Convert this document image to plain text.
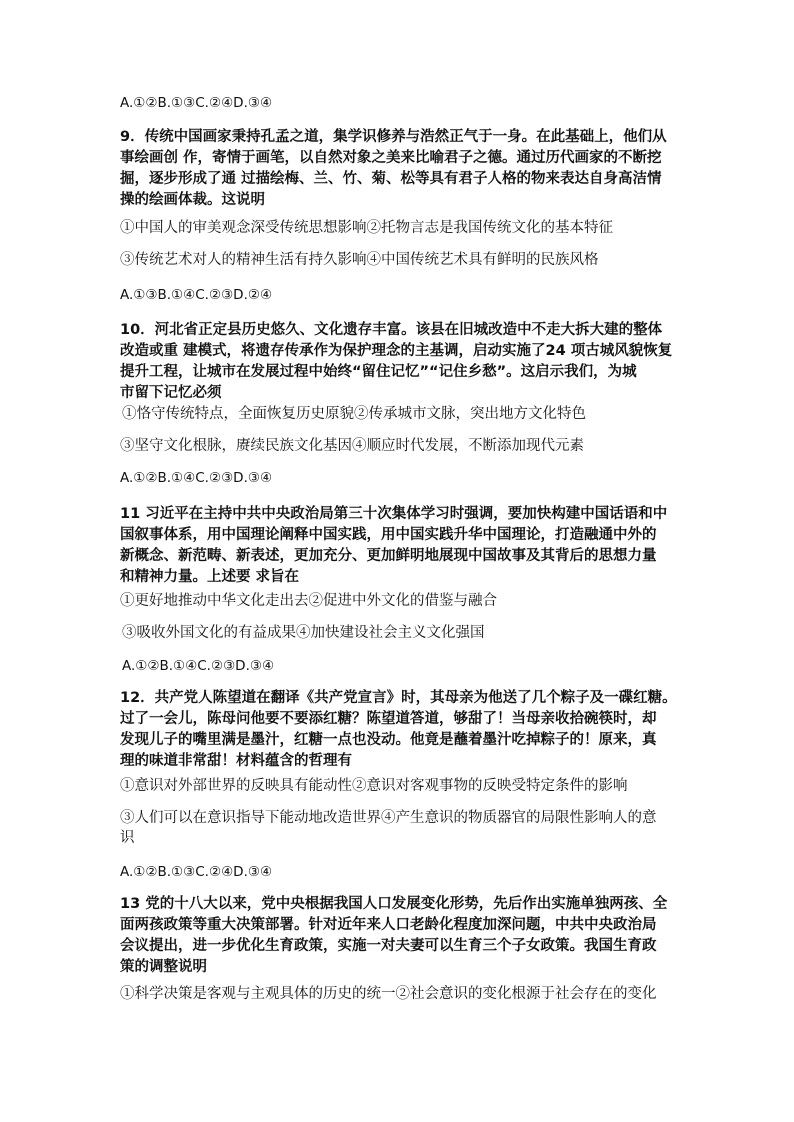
A.①②B.①③C.②④D.③④
9．传统中国画家秉持孔孟之道，集学识修养与浩然正气于一身。在此基础上，他们从
事绘画创 作，寄情于画笔，以自然对象之美来比喻君子之德。通过历代画家的不断挖
掘，逐步形成了通 过描绘梅、兰、竹、菊、松等具有君子人格的物来表达自身高洁情
操的绘画体裁。这说明
①中国人的审美观念深受传统思想影响②托物言志是我国传统文化的基本特征
③传统艺术对人的精神生活有持久影响④中国传统艺术具有鲜明的民族风格
A.①③B.①④C.②③D.②④
10．河北省正定县历史悠久、文化遗存丰富。该县在旧城改造中不走大拆大建的整体
改造或重 建模式，将遗存传承作为保护理念的主基调，启动实施了24 项古城风貌恢复
提升工程，让城市在发展过程中始终“留住记忆”“记住乡愁”。这启示我们，为城
市留下记忆必须
①恪守传统特点，全面恢复历史原貌②传承城市文脉，突出地方文化特色
③坚守文化根脉，赓续民族文化基因④顺应时代发展，不断添加现代元素
A.①②B.①④C.②③D.③④
11 习近平在主持中共中央政治局第三十次集体学习时强调，要加快构建中国话语和中
国叙事体系，用中国理论阐释中国实践，用中国实践升华中国理论，打造融通中外的
新概念、新范畴、新表述，更加充分、更加鲜明地展现中国故事及其背后的思想力量
和精神力量。上述要 求旨在
①更好地推动中华文化走出去②促进中外文化的借鉴与融合
③吸收外国文化的有益成果④加快建设社会主义文化强国
A.①②B.①④C.②③D.③④
12．共产党人陈望道在翻译《共产党宣言》时，其母亲为他送了几个粽子及一碟红糖。
过了一会儿，陈母问他要不要添红糖？陈望道答道，够甜了！当母亲收拾碗筷时，却
发现儿子的嘴里满是墨汁，红糖一点也没动。他竟是蘸着墨汁吃掉粽子的！原来，真
理的味道非常甜！材料蕴含的哲理有
①意识对外部世界的反映具有能动性②意识对客观事物的反映受特定条件的影响
③人们可以在意识指导下能动地改造世界④产生意识的物质器官的局限性影响人的意
识
A.①②B.①③C.②④D.③④
13 党的十八大以来，党中央根据我国人口发展变化形势，先后作出实施单独两孩、全
面两孩政策等重大决策部署。针对近年来人口老龄化程度加深问题，中共中央政治局
会议提出，进一步优化生育政策，实施一对夫妻可以生育三个子女政策。我国生育政
策的调整说明
①科学决策是客观与主观具体的历史的统一②社会意识的变化根源于社会存在的变化
